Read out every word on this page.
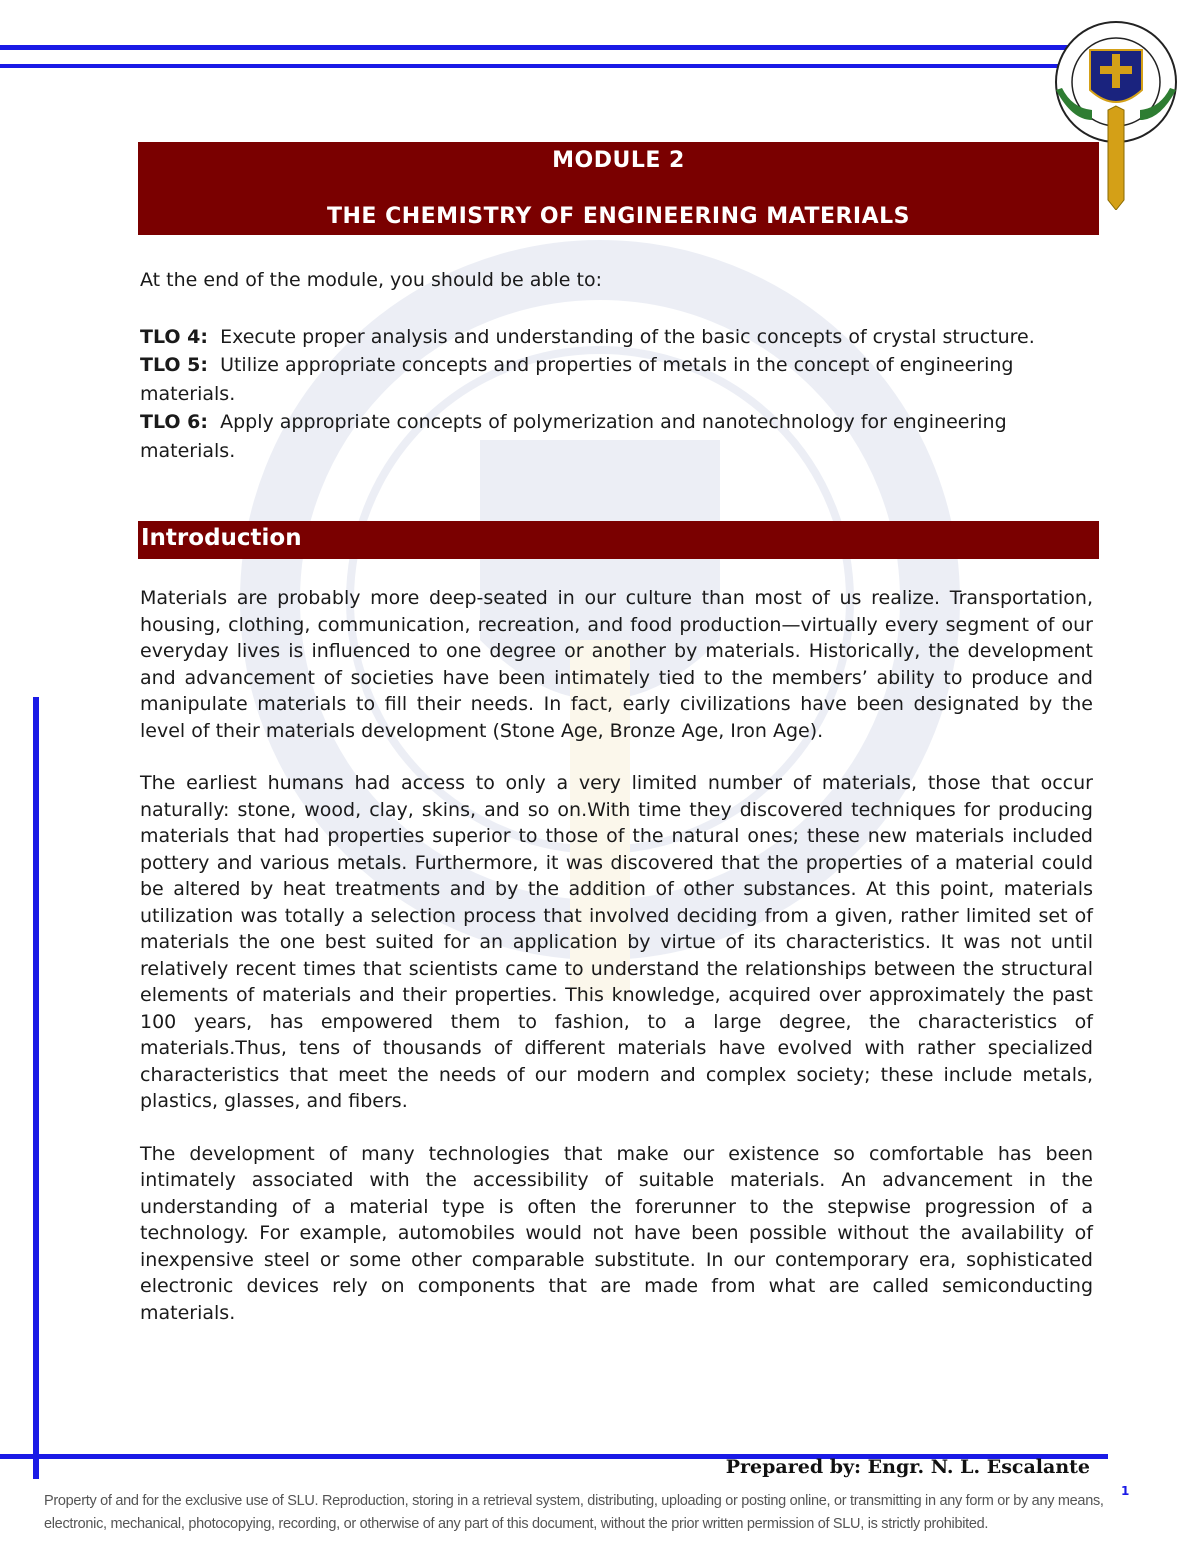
MODULE 2
THE CHEMISTRY OF ENGINEERING MATERIALS

At the end of the module, you should be able to:

TLO 4: Execute proper analysis and understanding of the basic concepts of crystal structure.

TLO 5: Utilize appropriate concepts and properties of metals in the concept of engineering materials.

TLO 6: Apply appropriate concepts of polymerization and nanotechnology for engineering materials.

Introduction

Materials are probably more deep-seated in our culture than most of us realize. Transportation, housing, clothing, communication, recreation, and food production—virtually every segment of our everyday lives is influenced to one degree or another by materials. Historically, the development and advancement of societies have been intimately tied to the members’ ability to produce and manipulate materials to fill their needs. In fact, early civilizations have been designated by the level of their materials development (Stone Age, Bronze Age, Iron Age).

The earliest humans had access to only a very limited number of materials, those that occur naturally: stone, wood, clay, skins, and so on.With time they discovered techniques for producing materials that had properties superior to those of the natural ones; these new materials included pottery and various metals. Furthermore, it was discovered that the properties of a material could be altered by heat treatments and by the addition of other substances. At this point, materials utilization was totally a selection process that involved deciding from a given, rather limited set of materials the one best suited for an application by virtue of its characteristics. It was not until relatively recent times that scientists came to understand the relationships between the structural elements of materials and their properties. This knowledge, acquired over approximately the past 100 years, has empowered them to fashion, to a large degree, the characteristics of materials.Thus, tens of thousands of different materials have evolved with rather specialized characteristics that meet the needs of our modern and complex society; these include metals, plastics, glasses, and fibers.

The development of many technologies that make our existence so comfortable has been intimately associated with the accessibility of suitable materials. An advancement in the understanding of a material type is often the forerunner to the stepwise progression of a technology. For example, automobiles would not have been possible without the availability of inexpensive steel or some other comparable substitute. In our contemporary era, sophisticated electronic devices rely on components that are made from what are called semiconducting materials.

Prepared by: Engr. N. L. Escalante
1
Property of and for the exclusive use of SLU. Reproduction, storing in a retrieval system, distributing, uploading or posting online, or transmitting in any form or by any means, electronic, mechanical, photocopying, recording, or otherwise of any part of this document, without the prior written permission of SLU, is strictly prohibited.
